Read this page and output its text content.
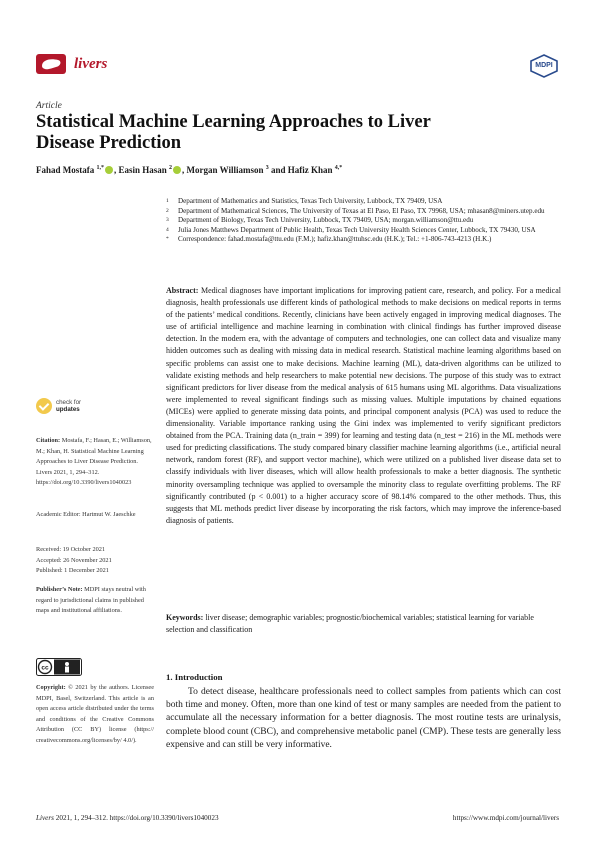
livers	MDPI
Article
Statistical Machine Learning Approaches to Liver Disease Prediction
Fahad Mostafa $^{1,*}$ , Easin Hasan $^2$ , Morgan Williamson $^3$ and Hafiz Khan $^{4,*}$
1	Department of Mathematics and Statistics, Texas Tech University, Lubbock, TX 79409, USA
2	Department of Mathematical Sciences, The University of Texas at El Paso, El Paso, TX 79968, USA; mhasan8@miners.utep.edu
3	Department of Biology, Texas Tech University, Lubbock, TX 79409, USA; morgan.williamson@ttu.edu
4	Julia Jones Matthews Department of Public Health, Texas Tech University Health Sciences Center, Lubbock, TX 79430, USA
*	Correspondence: fahad.mostafa@ttu.edu (F.M.); hafiz.khan@ttuhsc.edu (H.K.); Tel.: +1-806-743-4213 (H.K.)
Abstract: Medical diagnoses have important implications for improving patient care, research, and policy. For a medical diagnosis, health professionals use different kinds of pathological methods to make decisions on medical reports in terms of the patients’ medical conditions. Recently, clinicians have been actively engaged in improving medical diagnoses. The use of artificial intelligence and machine learning in combination with clinical findings has further improved disease detection. In the modern era, with the advantage of computers and technologies, one can collect data and visualize many hidden outcomes such as dealing with missing data in medical research. Statistical machine learning algorithms based on specific problems can assist one to make decisions. Machine learning (ML), data-driven algorithms can be utilized to validate existing methods and help researchers to make potential new decisions. The purpose of this study was to extract significant predictors for liver disease from the medical analysis of 615 humans using ML algorithms. Data visualizations were implemented to reveal significant findings such as missing values. Multiple imputations by chained equations (MICEs) were applied to generate missing data points, and principal component analysis (PCA) was used to reduce the dimensionality. Variable importance ranking using the Gini index was implemented to verify significant predictors obtained from the PCA. Training data (n_train = 399) for learning and testing data (n_test = 216) in the ML methods were used for predicting classifications. The study compared binary classifier machine learning algorithms (i.e., artificial neural network, random forest (RF), and support vector machine), which were utilized on a published liver disease data set to classify individuals with liver diseases, which will allow health professionals to make a better diagnosis. The synthetic minority oversampling technique was applied to oversample the minority class to regulate overfitting problems. The RF significantly contributed (p < 0.001) to a higher accuracy score of 98.14% compared to the other methods. Thus, this suggests that ML methods predict liver disease by incorporating the risk factors, which may improve the inference-based diagnosis of patients.
Keywords: liver disease; demographic variables; prognostic/biochemical variables; statistical learning for variable selection and classification
1. Introduction

To detect disease, healthcare professionals need to collect samples from patients which can cost both time and money. Often, more than one kind of test or many samples are needed from the patient to accumulate all the necessary information for a better diagnosis. The most routine tests are urinalysis, complete blood count (CBC), and comprehensive metabolic panel (CMP). These tests are generally less expensive and can still be very informative.

check for
updates
Citation: Mostafa, F.; Hasan, E.; Williamson, M.; Khan, H. Statistical Machine Learning Approaches to Liver Disease Prediction. Livers 2021, 1, 294–312. https://doi.org/10.3390/livers1040023
Academic Editor: Hartmut W. Jaeschke
Received: 19 October 2021
Accepted: 26 November 2021
Published: 1 December 2021
Publisher’s Note: MDPI stays neutral with regard to jurisdictional claims in published maps and institutional affiliations.
cc
Copyright: © 2021 by the authors. Licensee MDPI, Basel, Switzerland. This article is an open access article distributed under the terms and conditions of the Creative Commons Attribution (CC BY) license (https:// creativecommons.org/licenses/by/ 4.0/).
Livers 2021, 1, 294–312. https://doi.org/10.3390/livers1040023	https://www.mdpi.com/journal/livers
